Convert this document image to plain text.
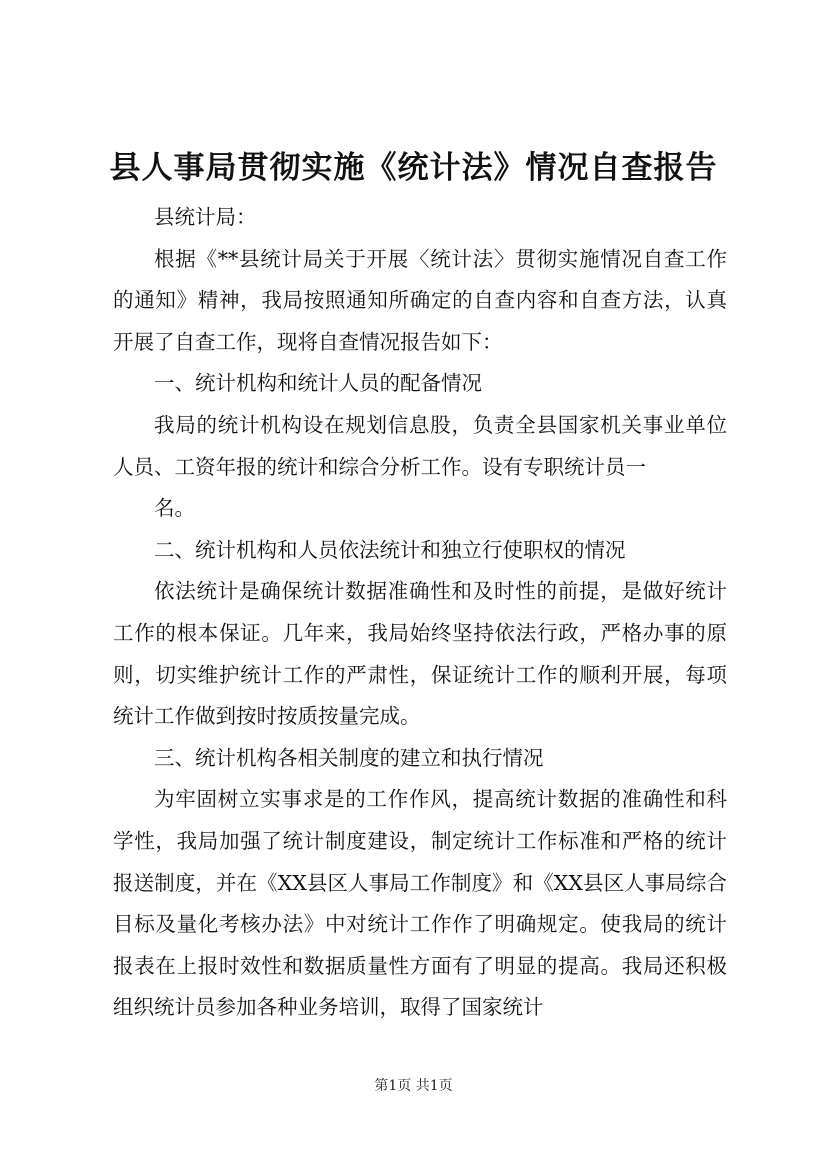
县人事局贯彻实施《统计法》情况自查报告

县统计局：

根据《**县统计局关于开展〈统计法〉贯彻实施情况自查工作的通知》精神，我局按照通知所确定的自查内容和自查方法，认真开展了自查工作，现将自查情况报告如下：

一、统计机构和统计人员的配备情况

我局的统计机构设在规划信息股，负责全县国家机关事业单位人员、工资年报的统计和综合分析工作。设有专职统计员一

名。

二、统计机构和人员依法统计和独立行使职权的情况

依法统计是确保统计数据准确性和及时性的前提，是做好统计工作的根本保证。几年来，我局始终坚持依法行政，严格办事的原则，切实维护统计工作的严肃性，保证统计工作的顺利开展，每项统计工作做到按时按质按量完成。

三、统计机构各相关制度的建立和执行情况

为牢固树立实事求是的工作作风，提高统计数据的准确性和科学性，我局加强了统计制度建设，制定统计工作标准和严格的统计报送制度，并在《XX县区人事局工作制度》和《XX县区人事局综合目标及量化考核办法》中对统计工作作了明确规定。使我局的统计报表在上报时效性和数据质量性方面有了明显的提高。我局还积极组织统计员参加各种业务培训，取得了国家统计

第1页 共1页
